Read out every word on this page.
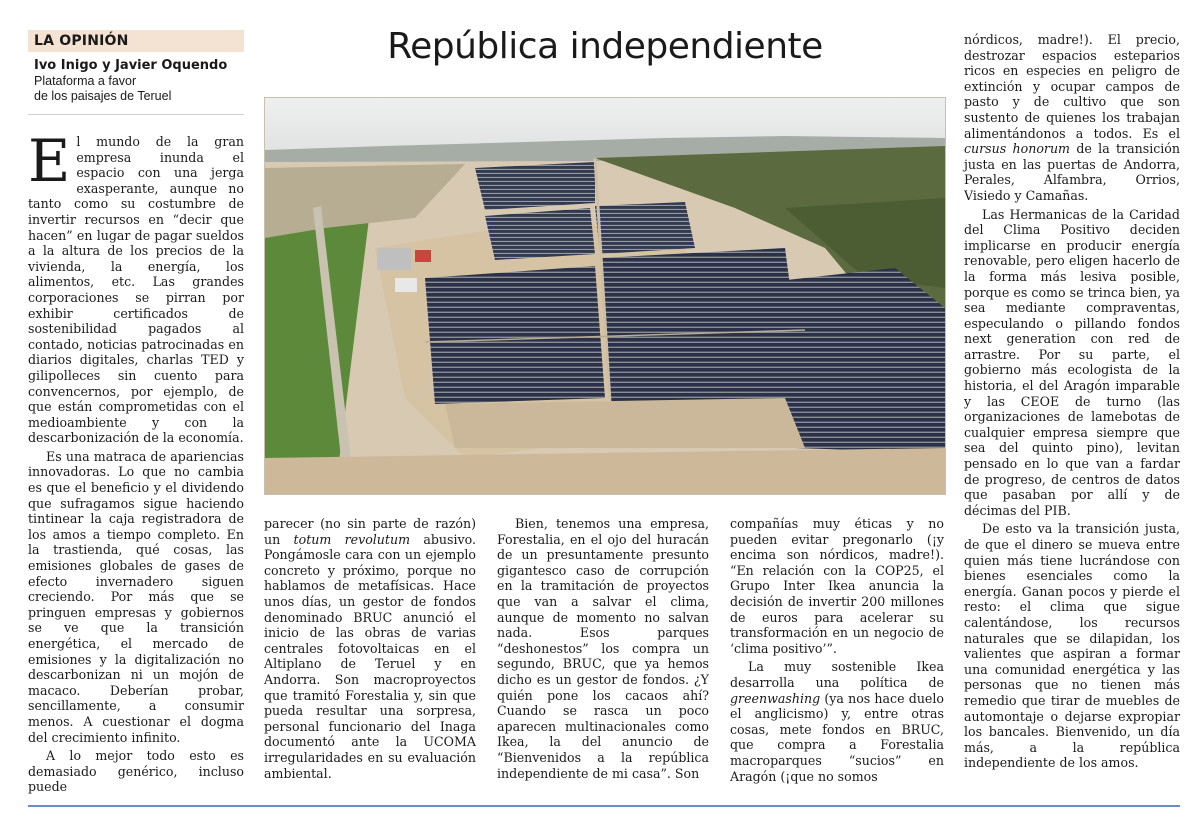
LA OPINIÓN
Ivo Inigo y Javier Oquendo
Plataforma a favor
de los paisajes de Teruel
República independiente

El mundo de la gran empresa inunda el espacio con una jerga exasperante, aunque no tanto como su costumbre de invertir recursos en “decir que hacen” en lugar de pagar sueldos a la altura de los precios de la vivienda, la energía, los alimentos, etc. Las grandes corporaciones se pirran por exhibir certificados de sostenibilidad pagados al contado, noticias patrocinadas en diarios digitales, charlas TED y gilipolleces sin cuento para convencernos, por ejemplo, de que están comprometidas con el medioambiente y con la descarbonización de la economía.

Es una matraca de apariencias innovadoras. Lo que no cambia es que el beneficio y el dividendo que sufragamos sigue haciendo tintinear la caja registradora de los amos a tiempo completo. En la trastienda, qué cosas, las emisiones globales de gases de efecto invernadero siguen creciendo. Por más que se pringuen empresas y gobiernos se ve que la transición energética, el mercado de emisiones y la digitalización no descarbonizan ni un mojón de macaco. Deberían probar, sencillamente, a consumir menos. A cuestionar el dogma del crecimiento infinito.

A lo mejor todo esto es demasiado genérico, incluso puede

parecer (no sin parte de razón) un totum revolutum abusivo. Pongámosle cara con un ejemplo concreto y próximo, porque no hablamos de metafísicas. Hace unos días, un gestor de fondos denominado BRUC anunció el inicio de las obras de varias centrales fotovoltaicas en el Altiplano de Teruel y en Andorra. Son macroproyectos que tramitó Forestalia y, sin que pueda resultar una sorpresa, personal funcionario del Inaga documentó ante la UCOMA irregularidades en su evaluación ambiental.

Bien, tenemos una empresa, Forestalia, en el ojo del huracán de un presuntamente presunto gigantesco caso de corrupción en la tramitación de proyectos que van a salvar el clima, aunque de momento no salvan nada. Esos parques “deshonestos” los compra un segundo, BRUC, que ya hemos dicho es un gestor de fondos. ¿Y quién pone los cacaos ahí? Cuando se rasca un poco aparecen multinacionales como Ikea, la del anuncio de “Bienvenidos a la república independiente de mi casa”. Son

compañías muy éticas y no pueden evitar pregonarlo (¡y encima son nórdicos, madre!). “En relación con la COP25, el Grupo Inter Ikea anuncia la decisión de invertir 200 millones de euros para acelerar su transformación en un negocio de ‘clima positivo’”.

La muy sostenible Ikea desarrolla una política de greenwashing (ya nos hace duelo el anglicismo) y, entre otras cosas, mete fondos en BRUC, que compra a Forestalia macroparques “sucios” en Aragón (¡que no somos

nórdicos, madre!). El precio, destrozar espacios esteparios ricos en especies en peligro de extinción y ocupar campos de pasto y de cultivo que son sustento de quienes los trabajan alimentándonos a todos. Es el cursus honorum de la transición justa en las puertas de Andorra, Perales, Alfambra, Orrios, Visiedo y Camañas.

Las Hermanicas de la Caridad del Clima Positivo deciden implicarse en producir energía renovable, pero eligen hacerlo de la forma más lesiva posible, porque es como se trinca bien, ya sea mediante compraventas, especulando o pillando fondos next generation con red de arrastre. Por su parte, el gobierno más ecologista de la historia, el del Aragón imparable y las CEOE de turno (las organizaciones de lamebotas de cualquier empresa siempre que sea del quinto pino), levitan pensado en lo que van a fardar de progreso, de centros de datos que pasaban por allí y de décimas del PIB.

De esto va la transición justa, de que el dinero se mueva entre quien más tiene lucrándose con bienes esenciales como la energía. Ganan pocos y pierde el resto: el clima que sigue calentándose, los recursos naturales que se dilapidan, los valientes que aspiran a formar una comunidad energética y las personas que no tienen más remedio que tirar de muebles de automontaje o dejarse expropiar los bancales. Bienvenido, un día más, a la república independiente de los amos.
